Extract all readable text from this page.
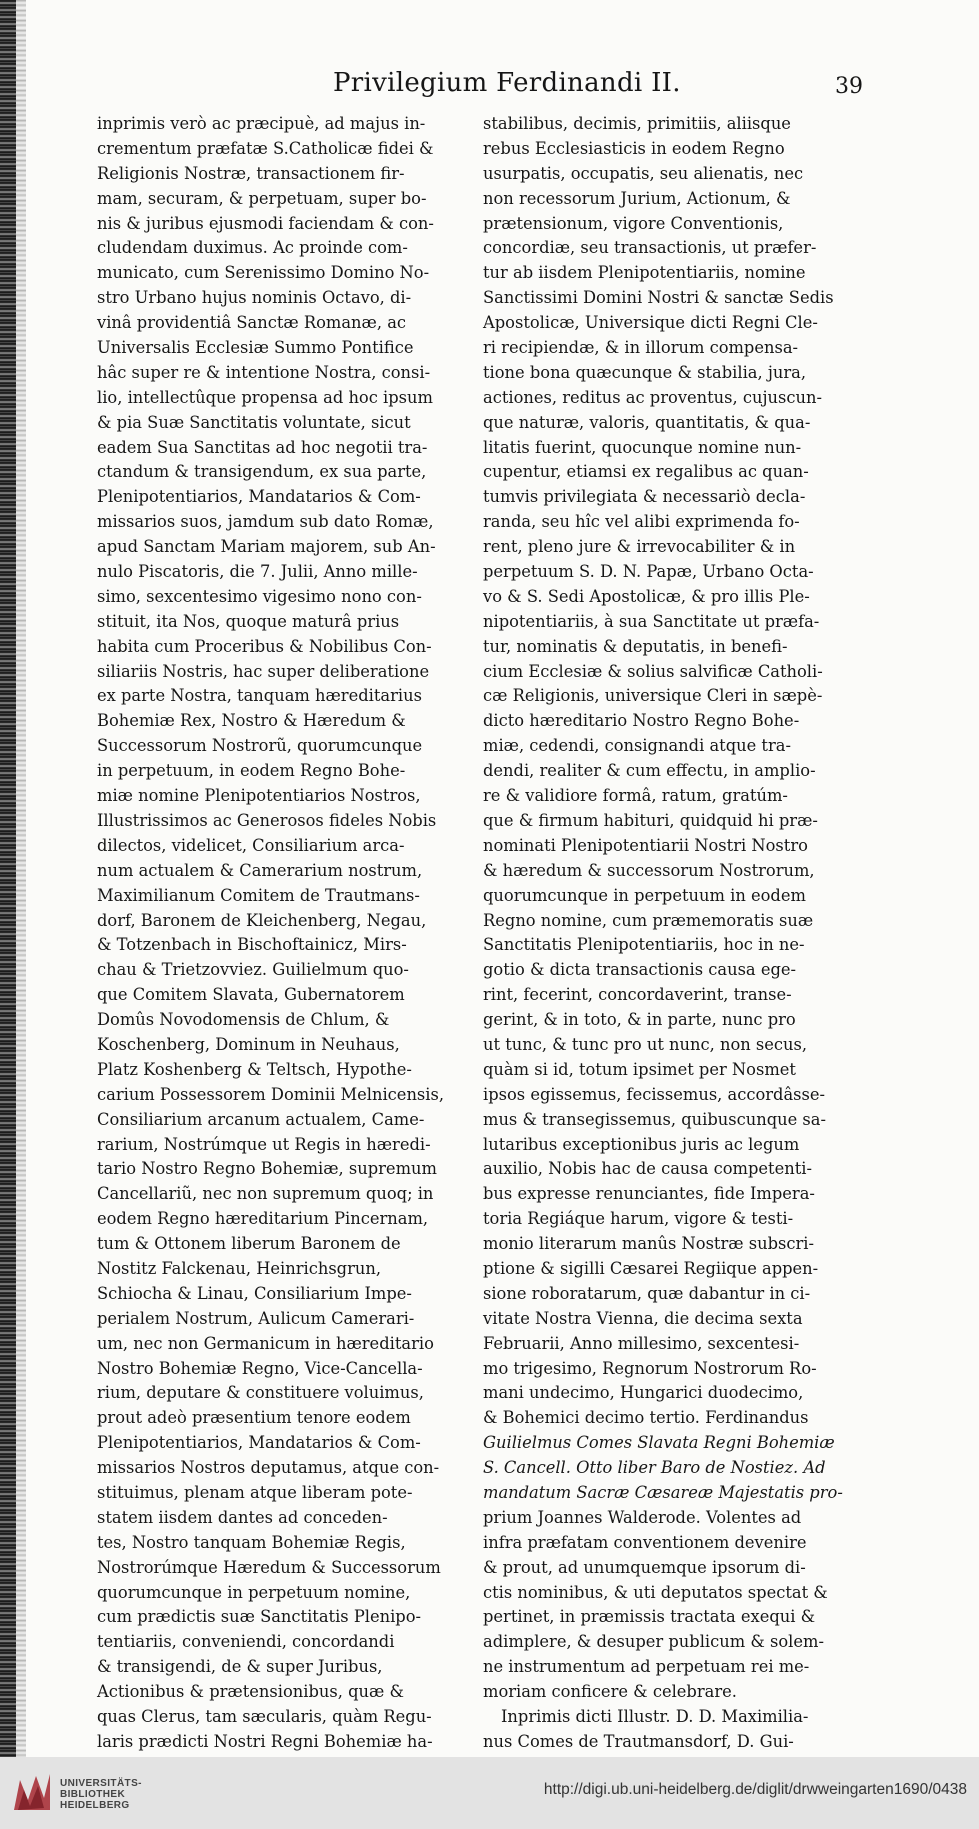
Privilegium Ferdinandi II.	39
inprimis verò ac præcipuè, ad majus in-
crementum præfatæ S.Catholicæ fidei &
Religionis Nostræ, transactionem fir-
mam, securam, & perpetuam, super bo-
nis & juribus ejusmodi faciendam & con-
cludendam duximus. Ac proinde com-
municato, cum Serenissimo Domino No-
stro Urbano hujus nominis Octavo, di-
vinâ providentiâ Sanctæ Romanæ, ac
Universalis Ecclesiæ Summo Pontifice
hâc super re & intentione Nostra, consi-
lio, intellectûque propensa ad hoc ipsum
& pia Suæ Sanctitatis voluntate, sicut
eadem Sua Sanctitas ad hoc negotii tra-
ctandum & transigendum, ex sua parte,
Plenipotentiarios, Mandatarios & Com-
missarios suos, jamdum sub dato Romæ,
apud Sanctam Mariam majorem, sub An-
nulo Piscatoris, die 7. Julii, Anno mille-
simo, sexcentesimo vigesimo nono con-
stituit, ita Nos, quoque maturâ prius
habita cum Proceribus & Nobilibus Con-
siliariis Nostris, hac super deliberatione
ex parte Nostra, tanquam hæreditarius
Bohemiæ Rex, Nostro & Hæredum &
Successorum Nostrorũ, quorumcunque
in perpetuum, in eodem Regno Bohe-
miæ nomine Plenipotentiarios Nostros,
Illustrissimos ac Generosos fideles Nobis
dilectos, videlicet, Consiliarium arca-
num actualem & Camerarium nostrum,
Maximilianum Comitem de Trautmans-
dorf, Baronem de Kleichenberg, Negau,
& Totzenbach in Bischoftainicz, Mirs-
chau & Trietzovviez. Guilielmum quo-
que Comitem Slavata, Gubernatorem
Domûs Novodomensis de Chlum, &
Koschenberg, Dominum in Neuhaus,
Platz Koshenberg & Teltsch, Hypothe-
carium Possessorem Dominii Melnicensis,
Consiliarium arcanum actualem, Came-
rarium, Nostrúmque ut Regis in hæredi-
tario Nostro Regno Bohemiæ, supremum
Cancellariũ, nec non supremum quoq; in
eodem Regno hæreditarium Pincernam,
tum & Ottonem liberum Baronem de
Nostitz Falckenau, Heinrichsgrun,
Schiocha & Linau, Consiliarium Impe-
perialem Nostrum, Aulicum Camerari-
um, nec non Germanicum in hæreditario
Nostro Bohemiæ Regno, Vice-Cancella-
rium, deputare & constituere voluimus,
prout adeò præsentium tenore eodem
Plenipotentiarios, Mandatarios & Com-
missarios Nostros deputamus, atque con-
stituimus, plenam atque liberam pote-
statem iisdem dantes ad conceden-
tes, Nostro tanquam Bohemiæ Regis,
Nostrorúmque Hæredum & Successorum
quorumcunque in perpetuum nomine,
cum prædictis suæ Sanctitatis Plenipo-
tentiariis, conveniendi, concordandi
& transigendi, de & super Juribus,
Actionibus & prætensionibus, quæ &
quas Clerus, tam sæcularis, quàm Regu-
laris prædicti Nostri Regni Bohemiæ ha-
stabilibus, decimis, primitiis, aliisque
rebus Ecclesiasticis in eodem Regno
usurpatis, occupatis, seu alienatis, nec
non recessorum Jurium, Actionum, &
prætensionum, vigore Conventionis,
concordiæ, seu transactionis, ut præfer-
tur ab iisdem Plenipotentiariis, nomine
Sanctissimi Domini Nostri & sanctæ Sedis
Apostolicæ, Universique dicti Regni Cle-
ri recipiendæ, & in illorum compensa-
tione bona quæcunque & stabilia, jura,
actiones, reditus ac proventus, cujuscun-
que naturæ, valoris, quantitatis, & qua-
litatis fuerint, quocunque nomine nun-
cupentur, etiamsi ex regalibus ac quan-
tumvis privilegiata & necessariò decla-
randa, seu hîc vel alibi exprimenda fo-
rent, pleno jure & irrevocabiliter & in
perpetuum S. D. N. Papæ, Urbano Octa-
vo & S. Sedi Apostolicæ, & pro illis Ple-
nipotentiariis, à sua Sanctitate ut præfa-
tur, nominatis & deputatis, in benefi-
cium Ecclesiæ & solius salvificæ Catholi-
cæ Religionis, universique Cleri in sæpè-
dicto hæreditario Nostro Regno Bohe-
miæ, cedendi, consignandi atque tra-
dendi, realiter & cum effectu, in amplio-
re & validiore formâ, ratum, gratúm-
que & firmum habituri, quidquid hi præ-
nominati Plenipotentiarii Nostri Nostro
& hæredum & successorum Nostrorum,
quorumcunque in perpetuum in eodem
Regno nomine, cum præmemoratis suæ
Sanctitatis Plenipotentiariis, hoc in ne-
gotio & dicta transactionis causa ege-
rint, fecerint, concordaverint, transe-
gerint, & in toto, & in parte, nunc pro
ut tunc, & tunc pro ut nunc, non secus,
quàm si id, totum ipsimet per Nosmet
ipsos egissemus, fecissemus, accordâsse-
mus & transegissemus, quibuscunque sa-
lutaribus exceptionibus juris ac legum
auxilio, Nobis hac de causa competenti-
bus expresse renunciantes, fide Impera-
toria Regiáque harum, vigore & testi-
monio literarum manûs Nostræ subscri-
ptione & sigilli Cæsarei Regiique appen-
sione roboratarum, quæ dabantur in ci-
vitate Nostra Vienna, die decima sexta
Februarii, Anno millesimo, sexcentesi-
mo trigesimo, Regnorum Nostrorum Ro-
mani undecimo, Hungarici duodecimo,
& Bohemici decimo tertio. Ferdinandus
Guilielmus Comes Slavata Regni Bohemiæ
S. Cancell. Otto liber Baro de Nostiez. Ad
mandatum Sacræ Cæsareæ Majestatis pro-
prium Joannes Walderode. Volentes ad
infra præfatam conventionem devenire
& prout, ad unumquemque ipsorum di-
ctis nominibus, & uti deputatos spectat &
pertinet, in præmissis tractata exequi &
adimplere, & desuper publicum & solem-
ne instrumentum ad perpetuam rei me-
moriam conficere & celebrare.
Inprimis dicti Illustr. D. D. Maximilia-
nus Comes de Trautmansdorf, D. Gui-
UNIVERSITÄTS-
BIBLIOTHEK
HEIDELBERG
http://digi.ub.uni-heidelberg.de/diglit/drwweingarten1690/0438
